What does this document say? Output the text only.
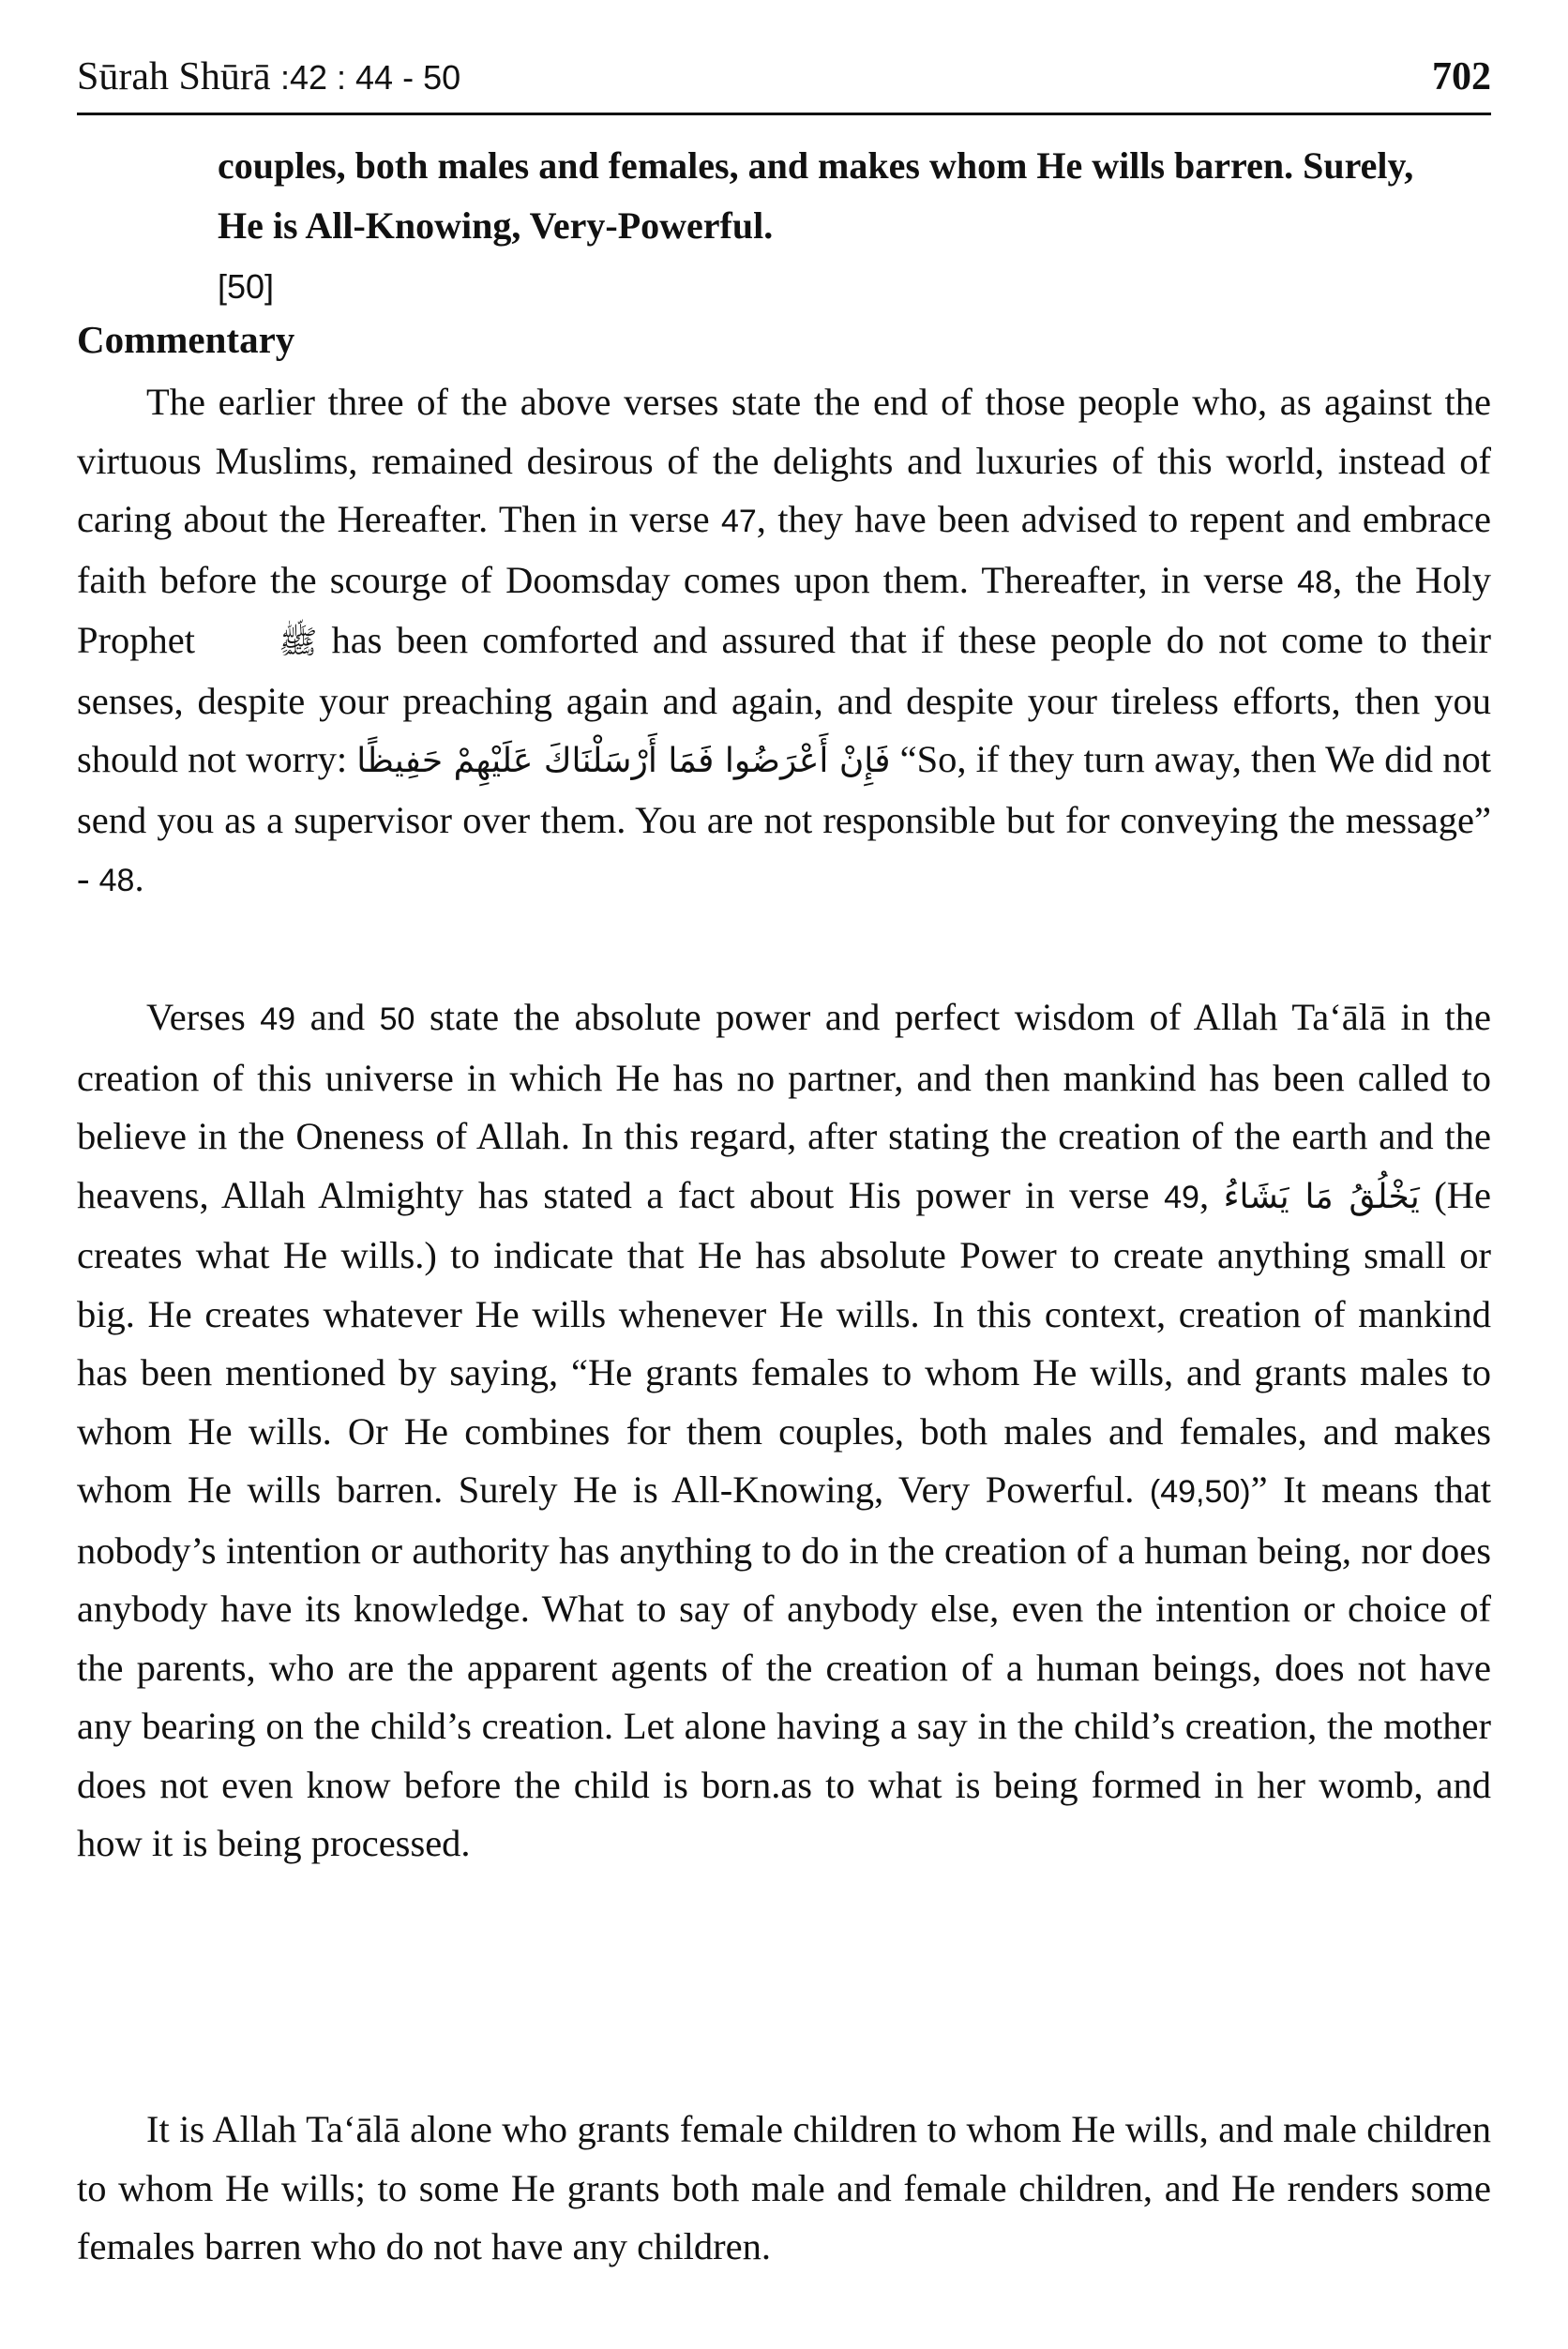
Sūrah Shūrā :42 : 44 - 50	702
couples, both males and females, and makes whom He wills barren. Surely, He is All-Knowing, Very-Powerful.
[50]
Commentary

The earlier three of the above verses state the end of those people who, as against the virtuous Muslims, remained desirous of the delights and luxuries of this world, instead of caring about the Hereafter. Then in verse 47, they have been advised to repent and embrace faith before the scourge of Doomsday comes upon them. Thereafter, in verse 48, the Holy Prophet ﷺ has been comforted and assured that if these people do not come to their senses, despite your preaching again and again, and despite your tireless efforts, then you should not worry: فَإِنْ أَعْرَضُوا فَمَا أَرْسَلْنَاكَ عَلَيْهِمْ حَفِيظًا “So, if they turn away, then We did not send you as a supervisor over them. You are not responsible but for conveying the message” - 48.

Verses 49 and 50 state the absolute power and perfect wisdom of Allah Ta‘ālā in the creation of this universe in which He has no partner, and then mankind has been called to believe in the Oneness of Allah. In this regard, after stating the creation of the earth and the heavens, Allah Almighty has stated a fact about His power in verse 49, يَخْلُقُ مَا يَشَاءُ (He creates what He wills.) to indicate that He has absolute Power to create anything small or big. He creates whatever He wills whenever He wills. In this context, creation of mankind has been mentioned by saying, “He grants females to whom He wills, and grants males to whom He wills. Or He combines for them couples, both males and females, and makes whom He wills barren. Surely He is All-Knowing, Very Powerful. (49,50)” It means that nobody’s intention or authority has anything to do in the creation of a human being, nor does anybody have its knowledge. What to say of anybody else, even the intention or choice of the parents, who are the apparent agents of the creation of a human beings, does not have any bearing on the child’s creation. Let alone having a say in the child’s creation, the mother does not even know before the child is born.as to what is being formed in her womb, and how it is being processed.

It is Allah Ta‘ālā alone who grants female children to whom He wills, and male children to whom He wills; to some He grants both male and female children, and He renders some females barren who do not have any children.
